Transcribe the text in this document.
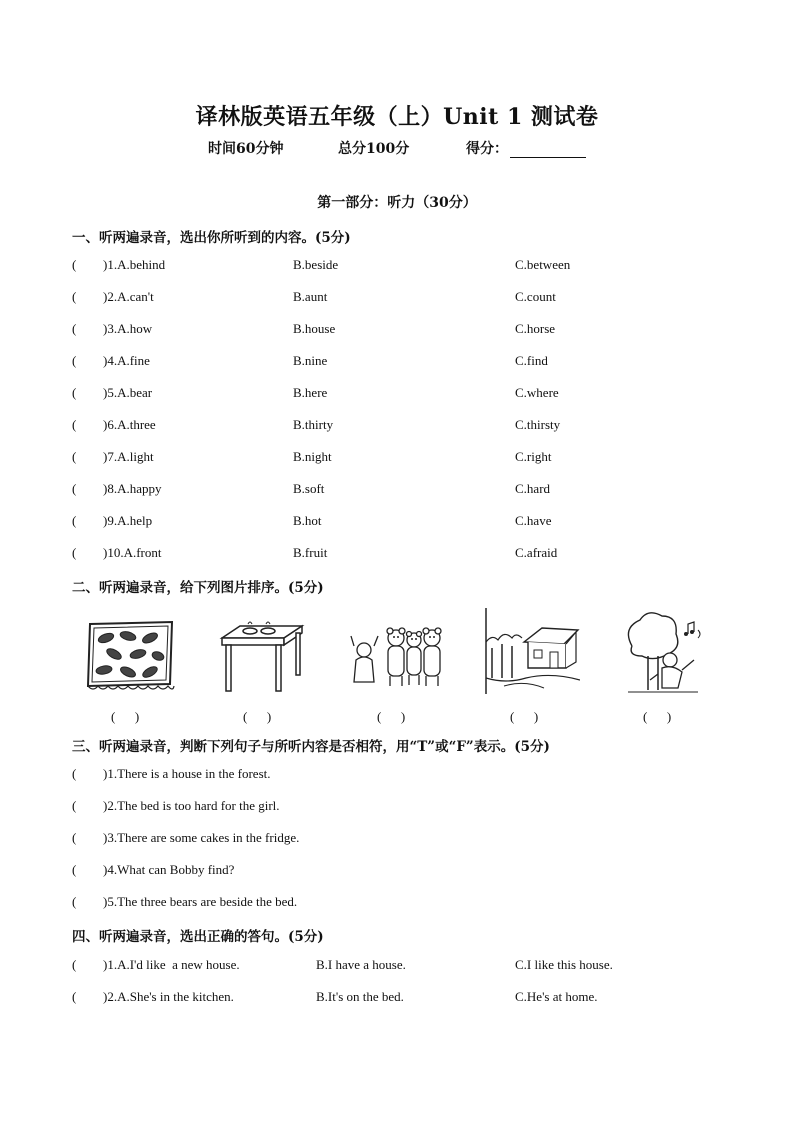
译林版英语五年级（上）Unit 1 测试卷
时间60分钟	总分100分	得分：
第一部分：听力（30分）
一、听两遍录音，选出你所听到的内容。(5分)
( )1.A.behind	B.beside	C.between
( )2.A.can't	B.aunt	C.count
( )3.A.how	B.house	C.horse
( )4.A.fine	B.nine	C.find
( )5.A.bear	B.here	C.where
( )6.A.three	B.thirty	C.thirsty
( )7.A.light	B.night	C.right
( )8.A.happy	B.soft	C.hard
( )9.A.help	B.hot	C.have
( )10.A.front	B.fruit	C.afraid
二、听两遍录音，给下列图片排序。(5分)
(      )	(      )	(      )	(      )	(      )
三、听两遍录音，判断下列句子与所听内容是否相符，用“T”或“F”表示。(5分)
( )1.There is a house in the forest.
( )2.The bed is too hard for the girl.
( )3.There are some cakes in the fridge.
( )4.What can Bobby find?
( )5.The three bears are beside the bed.
四、听两遍录音，选出正确的答句。(5分)
( )1.A.I'd like  a new house.	B.I have a house.	C.I like this house.
( )2.A.She's in the kitchen.	B.It's on the bed.	C.He's at home.
